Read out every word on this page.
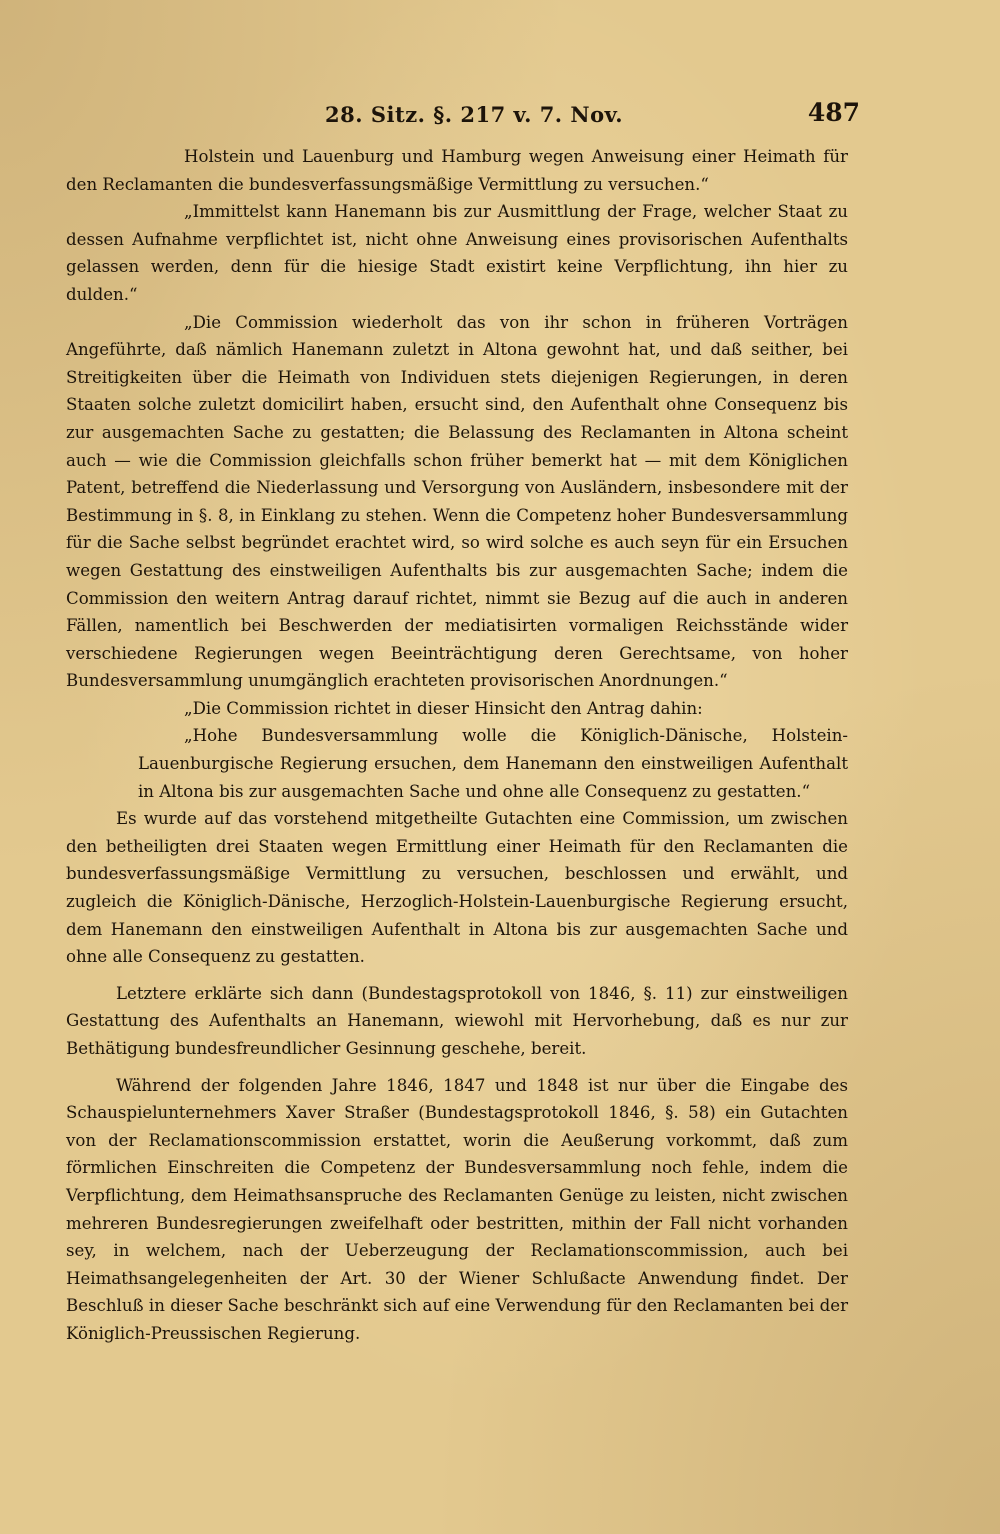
28. Sitz. §. 217 v. 7. Nov.	487

Holstein und Lauenburg und Hamburg wegen Anweisung einer Heimath für den Reclamanten die bundesverfassungsmäßige Vermittlung zu versuchen.“

„Immittelst kann Hanemann bis zur Ausmittlung der Frage, welcher Staat zu dessen Aufnahme verpflichtet ist, nicht ohne Anweisung eines provisorischen Aufenthalts gelassen werden, denn für die hiesige Stadt existirt keine Verpflichtung, ihn hier zu dulden.“

„Die Commission wiederholt das von ihr schon in früheren Vorträgen Angeführte, daß nämlich Hanemann zuletzt in Altona gewohnt hat, und daß seither, bei Streitigkeiten über die Heimath von Individuen stets diejenigen Regierungen, in deren Staaten solche zuletzt domicilirt haben, ersucht sind, den Aufenthalt ohne Consequenz bis zur ausgemachten Sache zu gestatten; die Belassung des Reclamanten in Altona scheint auch — wie die Commission gleichfalls schon früher bemerkt hat — mit dem Königlichen Patent, betreffend die Niederlassung und Versorgung von Ausländern, insbesondere mit der Bestimmung in §. 8, in Einklang zu stehen. Wenn die Competenz hoher Bundesversammlung für die Sache selbst begründet erachtet wird, so wird solche es auch seyn für ein Ersuchen wegen Gestattung des einstweiligen Aufenthalts bis zur ausgemachten Sache; indem die Commission den weitern Antrag darauf richtet, nimmt sie Bezug auf die auch in anderen Fällen, namentlich bei Beschwerden der mediatisirten vormaligen Reichsstände wider verschiedene Regierungen wegen Beeinträchtigung deren Gerechtsame, von hoher Bundesversammlung unumgänglich erachteten provisorischen Anordnungen.“

„Die Commission richtet in dieser Hinsicht den Antrag dahin:

„Hohe Bundesversammlung wolle die Königlich-Dänische, Holstein-Lauenburgische Regierung ersuchen, dem Hanemann den einstweiligen Aufenthalt in Altona bis zur ausgemachten Sache und ohne alle Consequenz zu gestatten.“

Es wurde auf das vorstehend mitgetheilte Gutachten eine Commission, um zwischen den betheiligten drei Staaten wegen Ermittlung einer Heimath für den Reclamanten die bundesverfassungsmäßige Vermittlung zu versuchen, beschlossen und erwählt, und zugleich die Königlich-Dänische, Herzoglich-Holstein-Lauenburgische Regierung ersucht, dem Hanemann den einstweiligen Aufenthalt in Altona bis zur ausgemachten Sache und ohne alle Consequenz zu gestatten.

Letztere erklärte sich dann (Bundestagsprotokoll von 1846, §. 11) zur einstweiligen Gestattung des Aufenthalts an Hanemann, wiewohl mit Hervorhebung, daß es nur zur Bethätigung bundesfreundlicher Gesinnung geschehe, bereit.

Während der folgenden Jahre 1846, 1847 und 1848 ist nur über die Eingabe des Schauspielunternehmers Xaver Straßer (Bundestagsprotokoll 1846, §. 58) ein Gutachten von der Reclamationscommission erstattet, worin die Aeußerung vorkommt, daß zum förmlichen Einschreiten die Competenz der Bundesversammlung noch fehle, indem die Verpflichtung, dem Heimathsanspruche des Reclamanten Genüge zu leisten, nicht zwischen mehreren Bundesregierungen zweifelhaft oder bestritten, mithin der Fall nicht vorhanden sey, in welchem, nach der Ueberzeugung der Reclamationscommission, auch bei Heimathsangelegenheiten der Art. 30 der Wiener Schlußacte Anwendung findet. Der Beschluß in dieser Sache beschränkt sich auf eine Verwendung für den Reclamanten bei der Königlich-Preussischen Regierung.
